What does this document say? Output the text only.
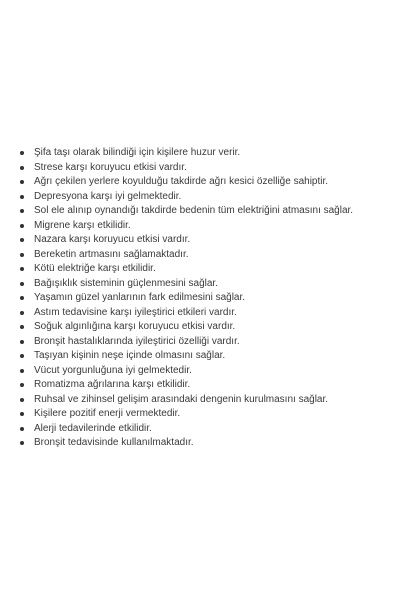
Şifa taşı olarak bilindiği için kişilere huzur verir.
Strese karşı koruyucu etkisi vardır.
Ağrı çekilen yerlere koyulduğu takdirde ağrı kesici özelliğe sahiptir.
Depresyona karşı iyi gelmektedir.
Sol ele alınıp oynandığı takdirde bedenin tüm elektriğini atmasını sağlar.
Migrene karşı etkilidir.
Nazara karşı koruyucu etkisi vardır.
Bereketin artmasını sağlamaktadır.
Kötü elektriğe karşı etkilidir.
Bağışıklık sisteminin güçlenmesini sağlar.
Yaşamın güzel yanlarının fark edilmesini sağlar.
Astım tedavisine karşı iyileştirici etkileri vardır.
Soğuk algınlığına karşı koruyucu etkisi vardır.
Bronşit hastalıklarında iyileştirici özelliği vardır.
Taşıyan kişinin neşe içinde olmasını sağlar.
Vücut yorgunluğuna iyi gelmektedir.
Romatizma ağrılarına karşı etkilidir.
Ruhsal ve zihinsel gelişim arasındaki dengenin kurulmasını sağlar.
Kişilere pozitif enerji vermektedir.
Alerji tedavilerinde etkilidir.
Bronşit tedavisinde kullanılmaktadır.
